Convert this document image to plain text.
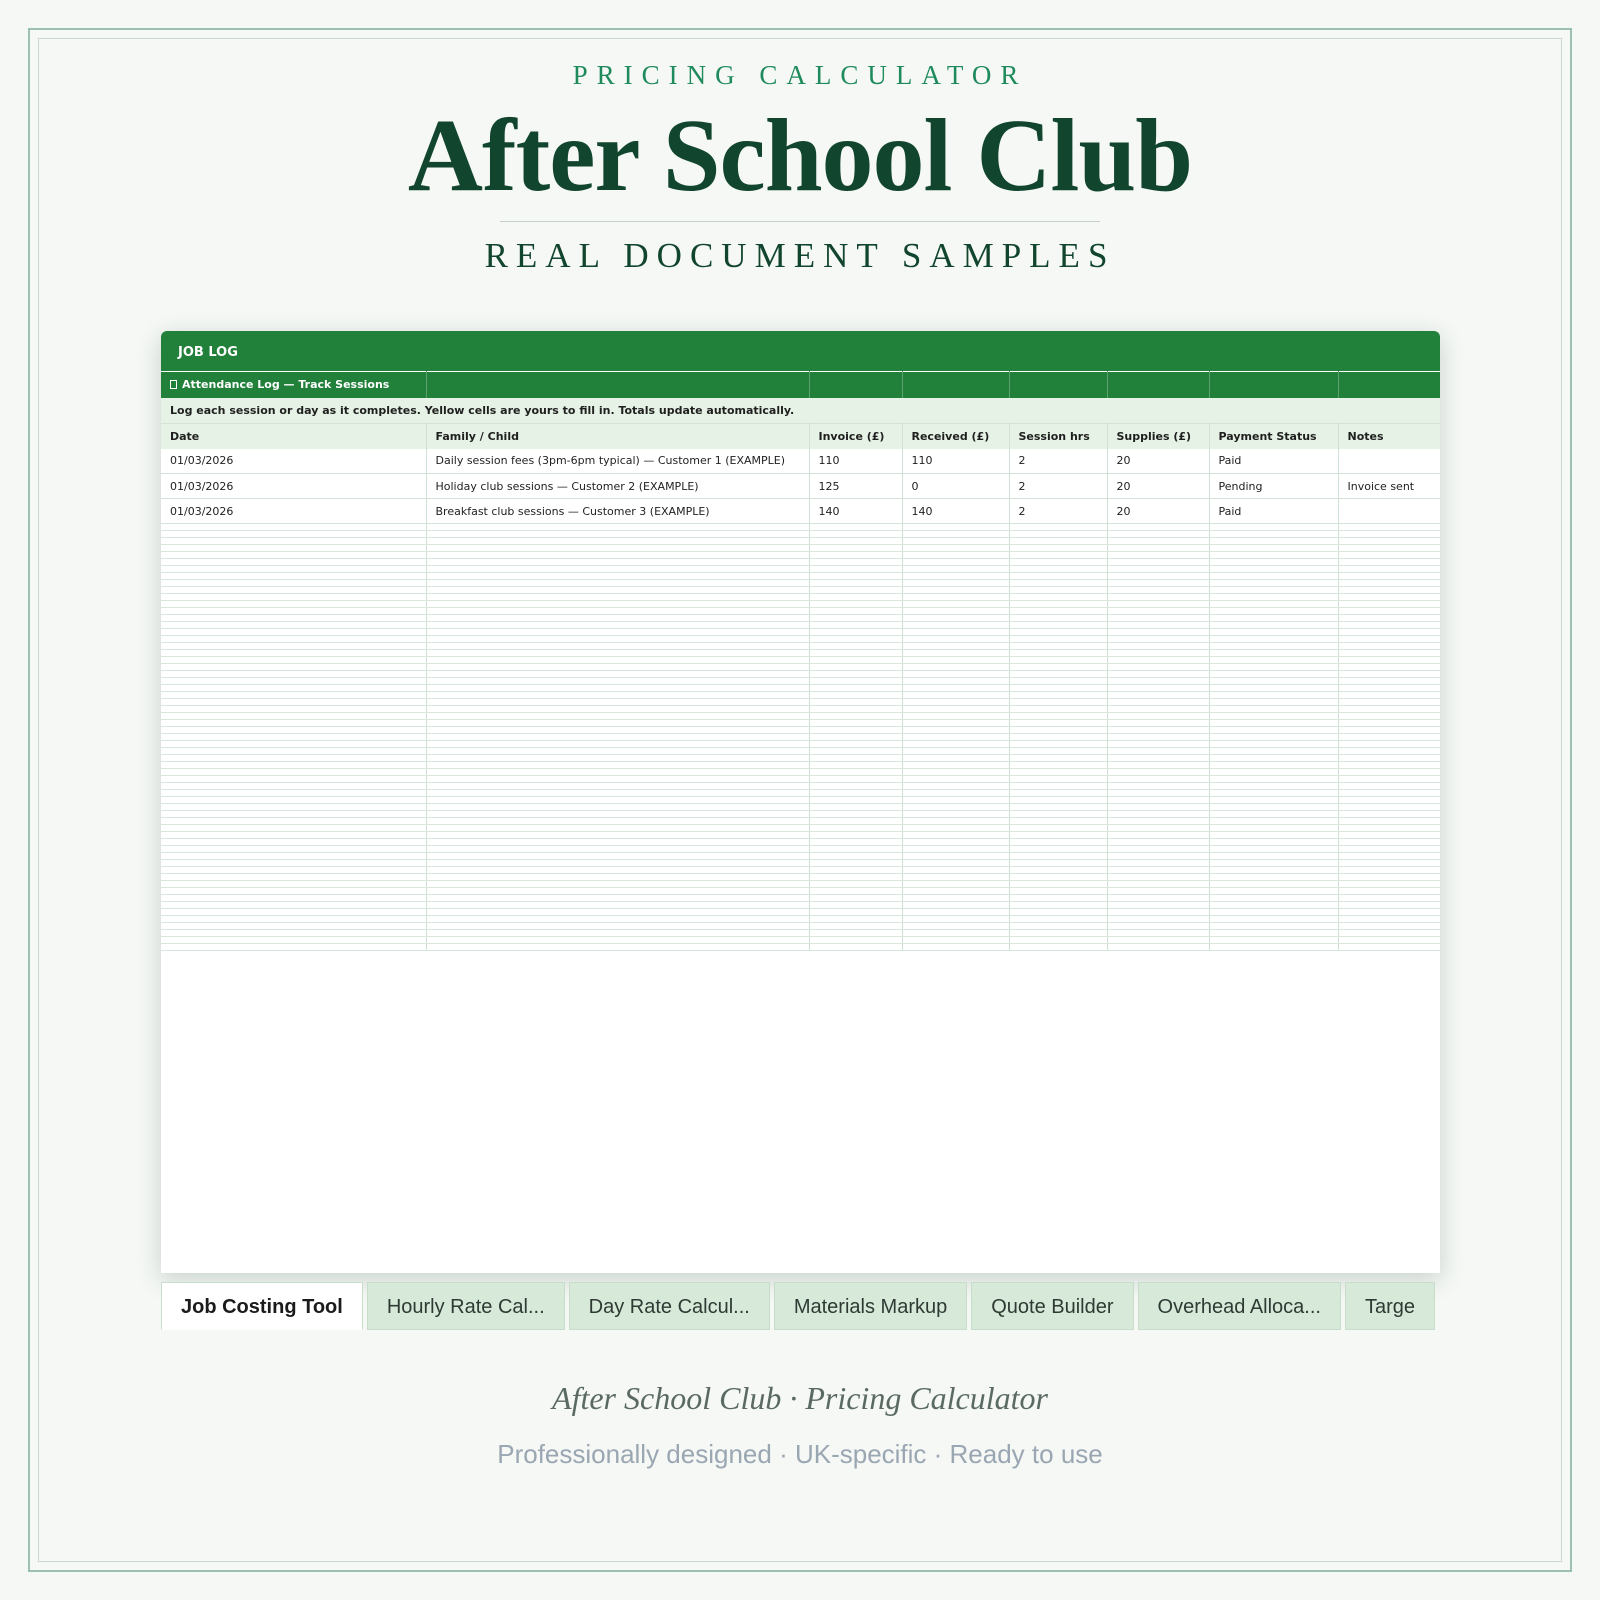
PRICING CALCULATOR
After School Club
REAL DOCUMENT SAMPLES
JOB LOG
Attendance Log — Track Sessions							
Log each session or day as it completes. Yellow cells are yours to fill in. Totals update automatically.							
Date	Family / Child	Invoice (£)	Received (£)	Session hrs	Supplies (£)	Payment Status	Notes
01/03/2026	Daily session fees (3pm-6pm typical) — Customer 1 (EXAMPLE)	110	110	2	20	Paid	
01/03/2026	Holiday club sessions — Customer 2 (EXAMPLE)	125	0	2	20	Pending	Invoice sent
01/03/2026	Breakfast club sessions — Customer 3 (EXAMPLE)	140	140	2	20	Paid	

Job Costing Tool Hourly Rate Cal... Day Rate Calcul... Materials Markup Quote Builder Overhead Alloca... Targe
After School Club · Pricing Calculator
Professionally designed · UK-specific · Ready to use
